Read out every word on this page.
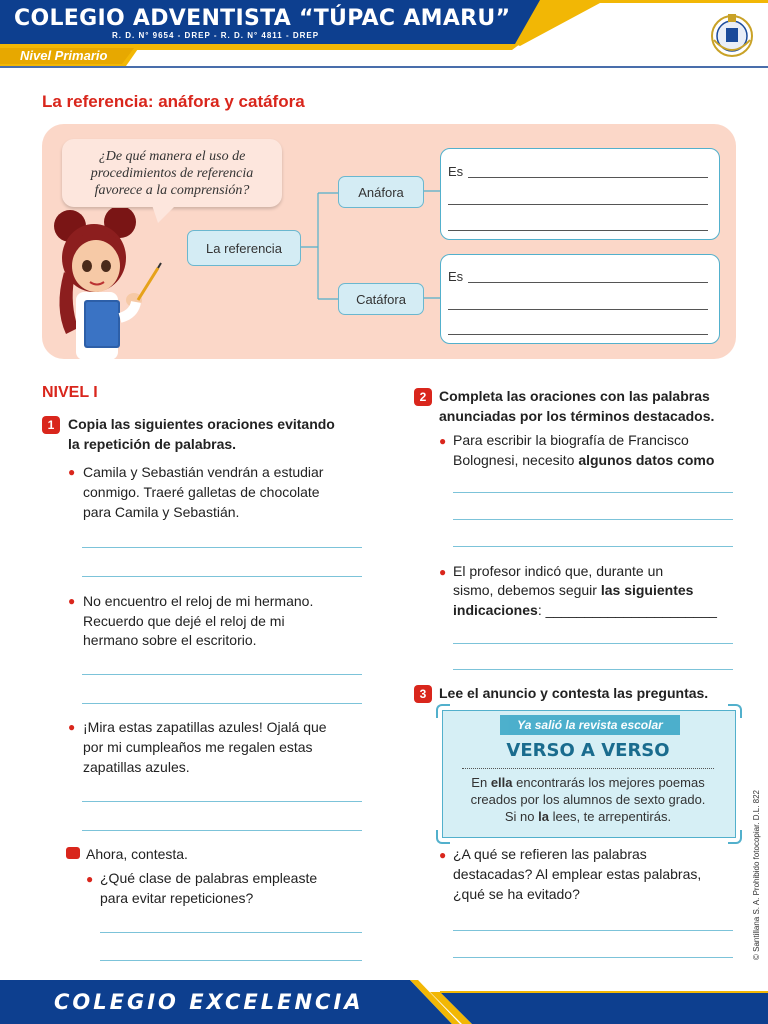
COLEGIO ADVENTISTA “TÚPAC AMARU”
R. D. N° 9654 - DREP - R. D. N° 4811 - DREP
Nivel Primario
La referencia: anáfora y catáfora
¿De qué manera el uso de procedimientos de referencia favorece a la comprensión?
La referencia
Anáfora
Catáfora
Es
Es
NIVEL I
1 Copia las siguientes oraciones evitando
la repetición de palabras.
● Camila y Sebastián vendrán a estudiar
conmigo. Traeré galletas de chocolate
para Camila y Sebastián.
● No encuentro el reloj de mi hermano.
Recuerdo que dejé el reloj de mi
hermano sobre el escritorio.
● ¡Mira estas zapatillas azules! Ojalá que
por mi cumpleaños me regalen estas
zapatillas azules.
Ahora, contesta.
● ¿Qué clase de palabras empleaste
para evitar repeticiones?
2 Completa las oraciones con las palabras
anunciadas por los términos destacados.
● Para escribir la biografía de Francisco
Bolognesi, necesito algunos datos como
● El profesor indicó que, durante un
sismo, debemos seguir las siguientes
indicaciones: ______________________
3 Lee el anuncio y contesta las preguntas.
Ya salió la revista escolar
VERSO A VERSO
En ella encontrarás los mejores poemas
creados por los alumnos de sexto grado.
Si no la lees, te arrepentirás.
● ¿A qué se refieren las palabras
destacadas? Al emplear estas palabras,
¿qué se ha evitado?	© Santillana S. A. Prohibido fotocopiar. D.L. 822
COLEGIO EXCELENCIA
